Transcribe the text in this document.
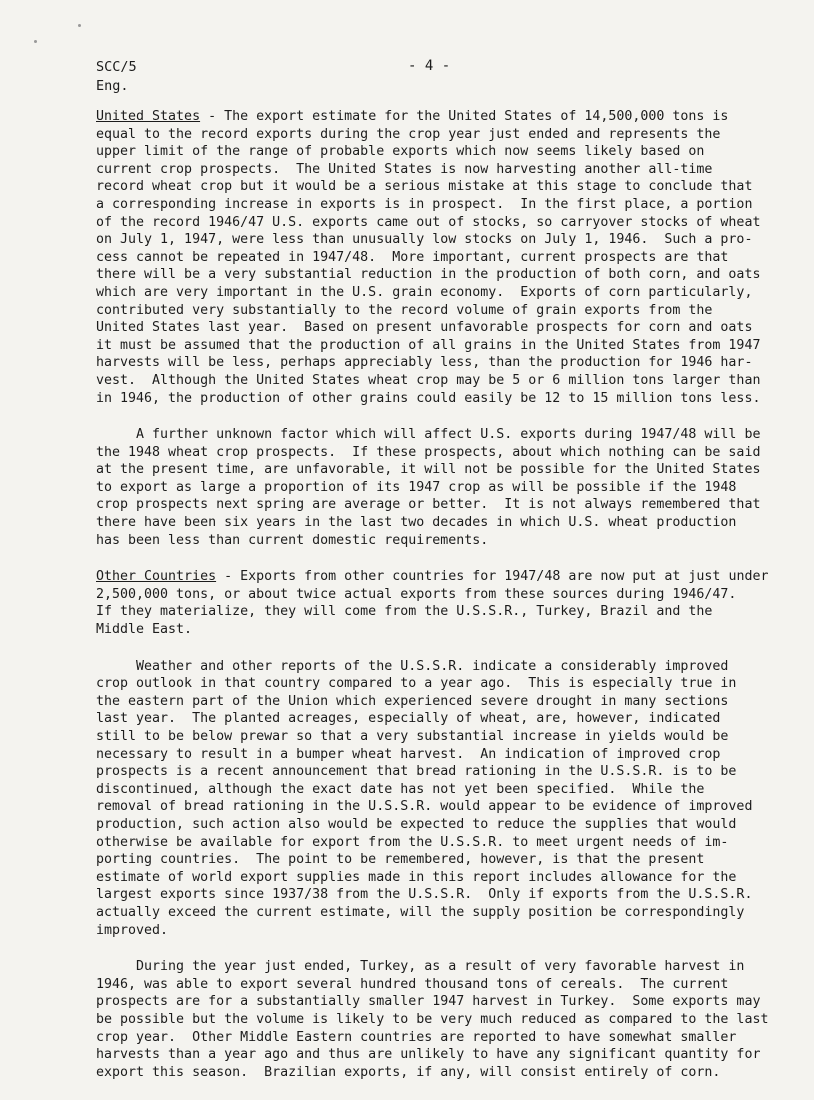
SCC/5
Eng.
- 4 -
United States - The export estimate for the United States of 14,500,000 tons is
equal to the record exports during the crop year just ended and represents the
upper limit of the range of probable exports which now seems likely based on
current crop prospects.  The United States is now harvesting another all-time
record wheat crop but it would be a serious mistake at this stage to conclude that
a corresponding increase in exports is in prospect.  In the first place, a portion
of the record 1946/47 U.S. exports came out of stocks, so carryover stocks of wheat
on July 1, 1947, were less than unusually low stocks on July 1, 1946.  Such a pro-
cess cannot be repeated in 1947/48.  More important, current prospects are that
there will be a very substantial reduction in the production of both corn, and oats
which are very important in the U.S. grain economy.  Exports of corn particularly,
contributed very substantially to the record volume of grain exports from the
United States last year.  Based on present unfavorable prospects for corn and oats
it must be assumed that the production of all grains in the United States from 1947
harvests will be less, perhaps appreciably less, than the production for 1946 har-
vest.  Although the United States wheat crop may be 5 or 6 million tons larger than
in 1946, the production of other grains could easily be 12 to 15 million tons less.
A further unknown factor which will affect U.S. exports during 1947/48 will be
the 1948 wheat crop prospects.  If these prospects, about which nothing can be said
at the present time, are unfavorable, it will not be possible for the United States
to export as large a proportion of its 1947 crop as will be possible if the 1948
crop prospects next spring are average or better.  It is not always remembered that
there have been six years in the last two decades in which U.S. wheat production
has been less than current domestic requirements.
Other Countries - Exports from other countries for 1947/48 are now put at just under
2,500,000 tons, or about twice actual exports from these sources during 1946/47.
If they materialize, they will come from the U.S.S.R., Turkey, Brazil and the
Middle East.
Weather and other reports of the U.S.S.R. indicate a considerably improved
crop outlook in that country compared to a year ago.  This is especially true in
the eastern part of the Union which experienced severe drought in many sections
last year.  The planted acreages, especially of wheat, are, however, indicated
still to be below prewar so that a very substantial increase in yields would be
necessary to result in a bumper wheat harvest.  An indication of improved crop
prospects is a recent announcement that bread rationing in the U.S.S.R. is to be
discontinued, although the exact date has not yet been specified.  While the
removal of bread rationing in the U.S.S.R. would appear to be evidence of improved
production, such action also would be expected to reduce the supplies that would
otherwise be available for export from the U.S.S.R. to meet urgent needs of im-
porting countries.  The point to be remembered, however, is that the present
estimate of world export supplies made in this report includes allowance for the
largest exports since 1937/38 from the U.S.S.R.  Only if exports from the U.S.S.R.
actually exceed the current estimate, will the supply position be correspondingly
improved.
During the year just ended, Turkey, as a result of very favorable harvest in
1946, was able to export several hundred thousand tons of cereals.  The current
prospects are for a substantially smaller 1947 harvest in Turkey.  Some exports may
be possible but the volume is likely to be very much reduced as compared to the last
crop year.  Other Middle Eastern countries are reported to have somewhat smaller
harvests than a year ago and thus are unlikely to have any significant quantity for
export this season.  Brazilian exports, if any, will consist entirely of corn.
